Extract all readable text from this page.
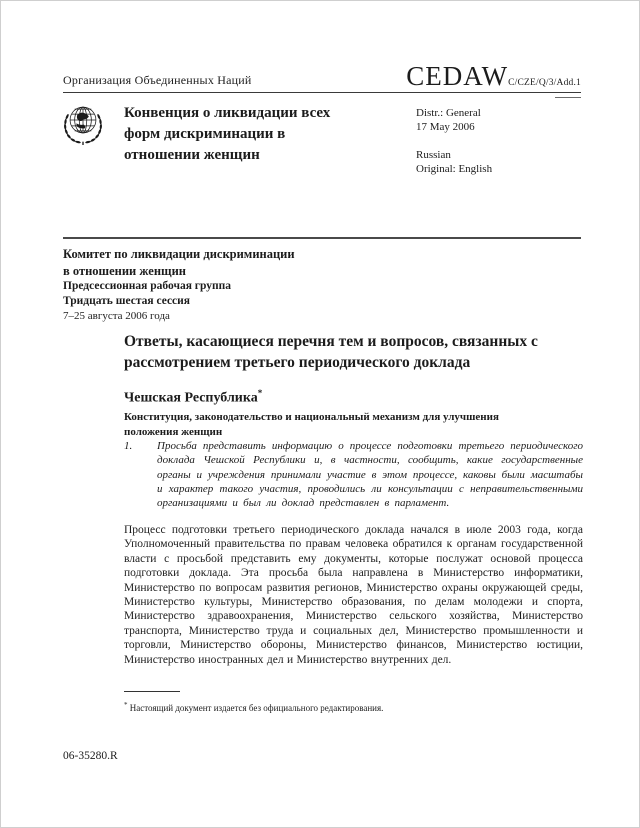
Организация Объединенных Наций	CEDAWC/CZE/Q/3/Add.1
Конвенция о ликвидации всех форм дискриминации в отношении женщин
Distr.: General
17 May 2006
Russian
Original: English
Комитет по ликвидации дискриминации
в отношении женщин
Предсессионная рабочая группа
Тридцать шестая сессия
7–25 августа 2006 года
Ответы, касающиеся перечня тем и вопросов, связанных с рассмотрением третьего периодического доклада
Чешская Республика*
Конституция, законодательство и национальный механизм для улучшения положения женщин
1.	Просьба представить информацию о процессе подготовки третьего периодического доклада Чешской Республики и, в частности, сообщить, какие государственные органы и учреждения принимали участие в этом процессе, каковы были масштабы и характер такого участия, проводились ли консультации с неправительственными организациями и был ли доклад представлен в парламент.
Процесс подготовки третьего периодического доклада начался в июле 2003 года, когда Уполномоченный правительства по правам человека обратился к органам государственной власти с просьбой представить ему документы, которые послужат основой процесса подготовки доклада. Эта просьба была направлена в Министерство информатики, Министерство по вопросам развития регионов, Министерство охраны окружающей среды, Министерство культуры, Министерство образования, по делам молодежи и спорта, Министерство здравоохранения, Министерство сельского хозяйства, Министерство транспорта, Министерство труда и социальных дел, Министерство промышленности и торговли, Министерство обороны, Министерство финансов, Министерство юстиции, Министерство иностранных дел и Министерство внутренних дел.
* Настоящий документ издается без официального редактирования.
06-35280.R
